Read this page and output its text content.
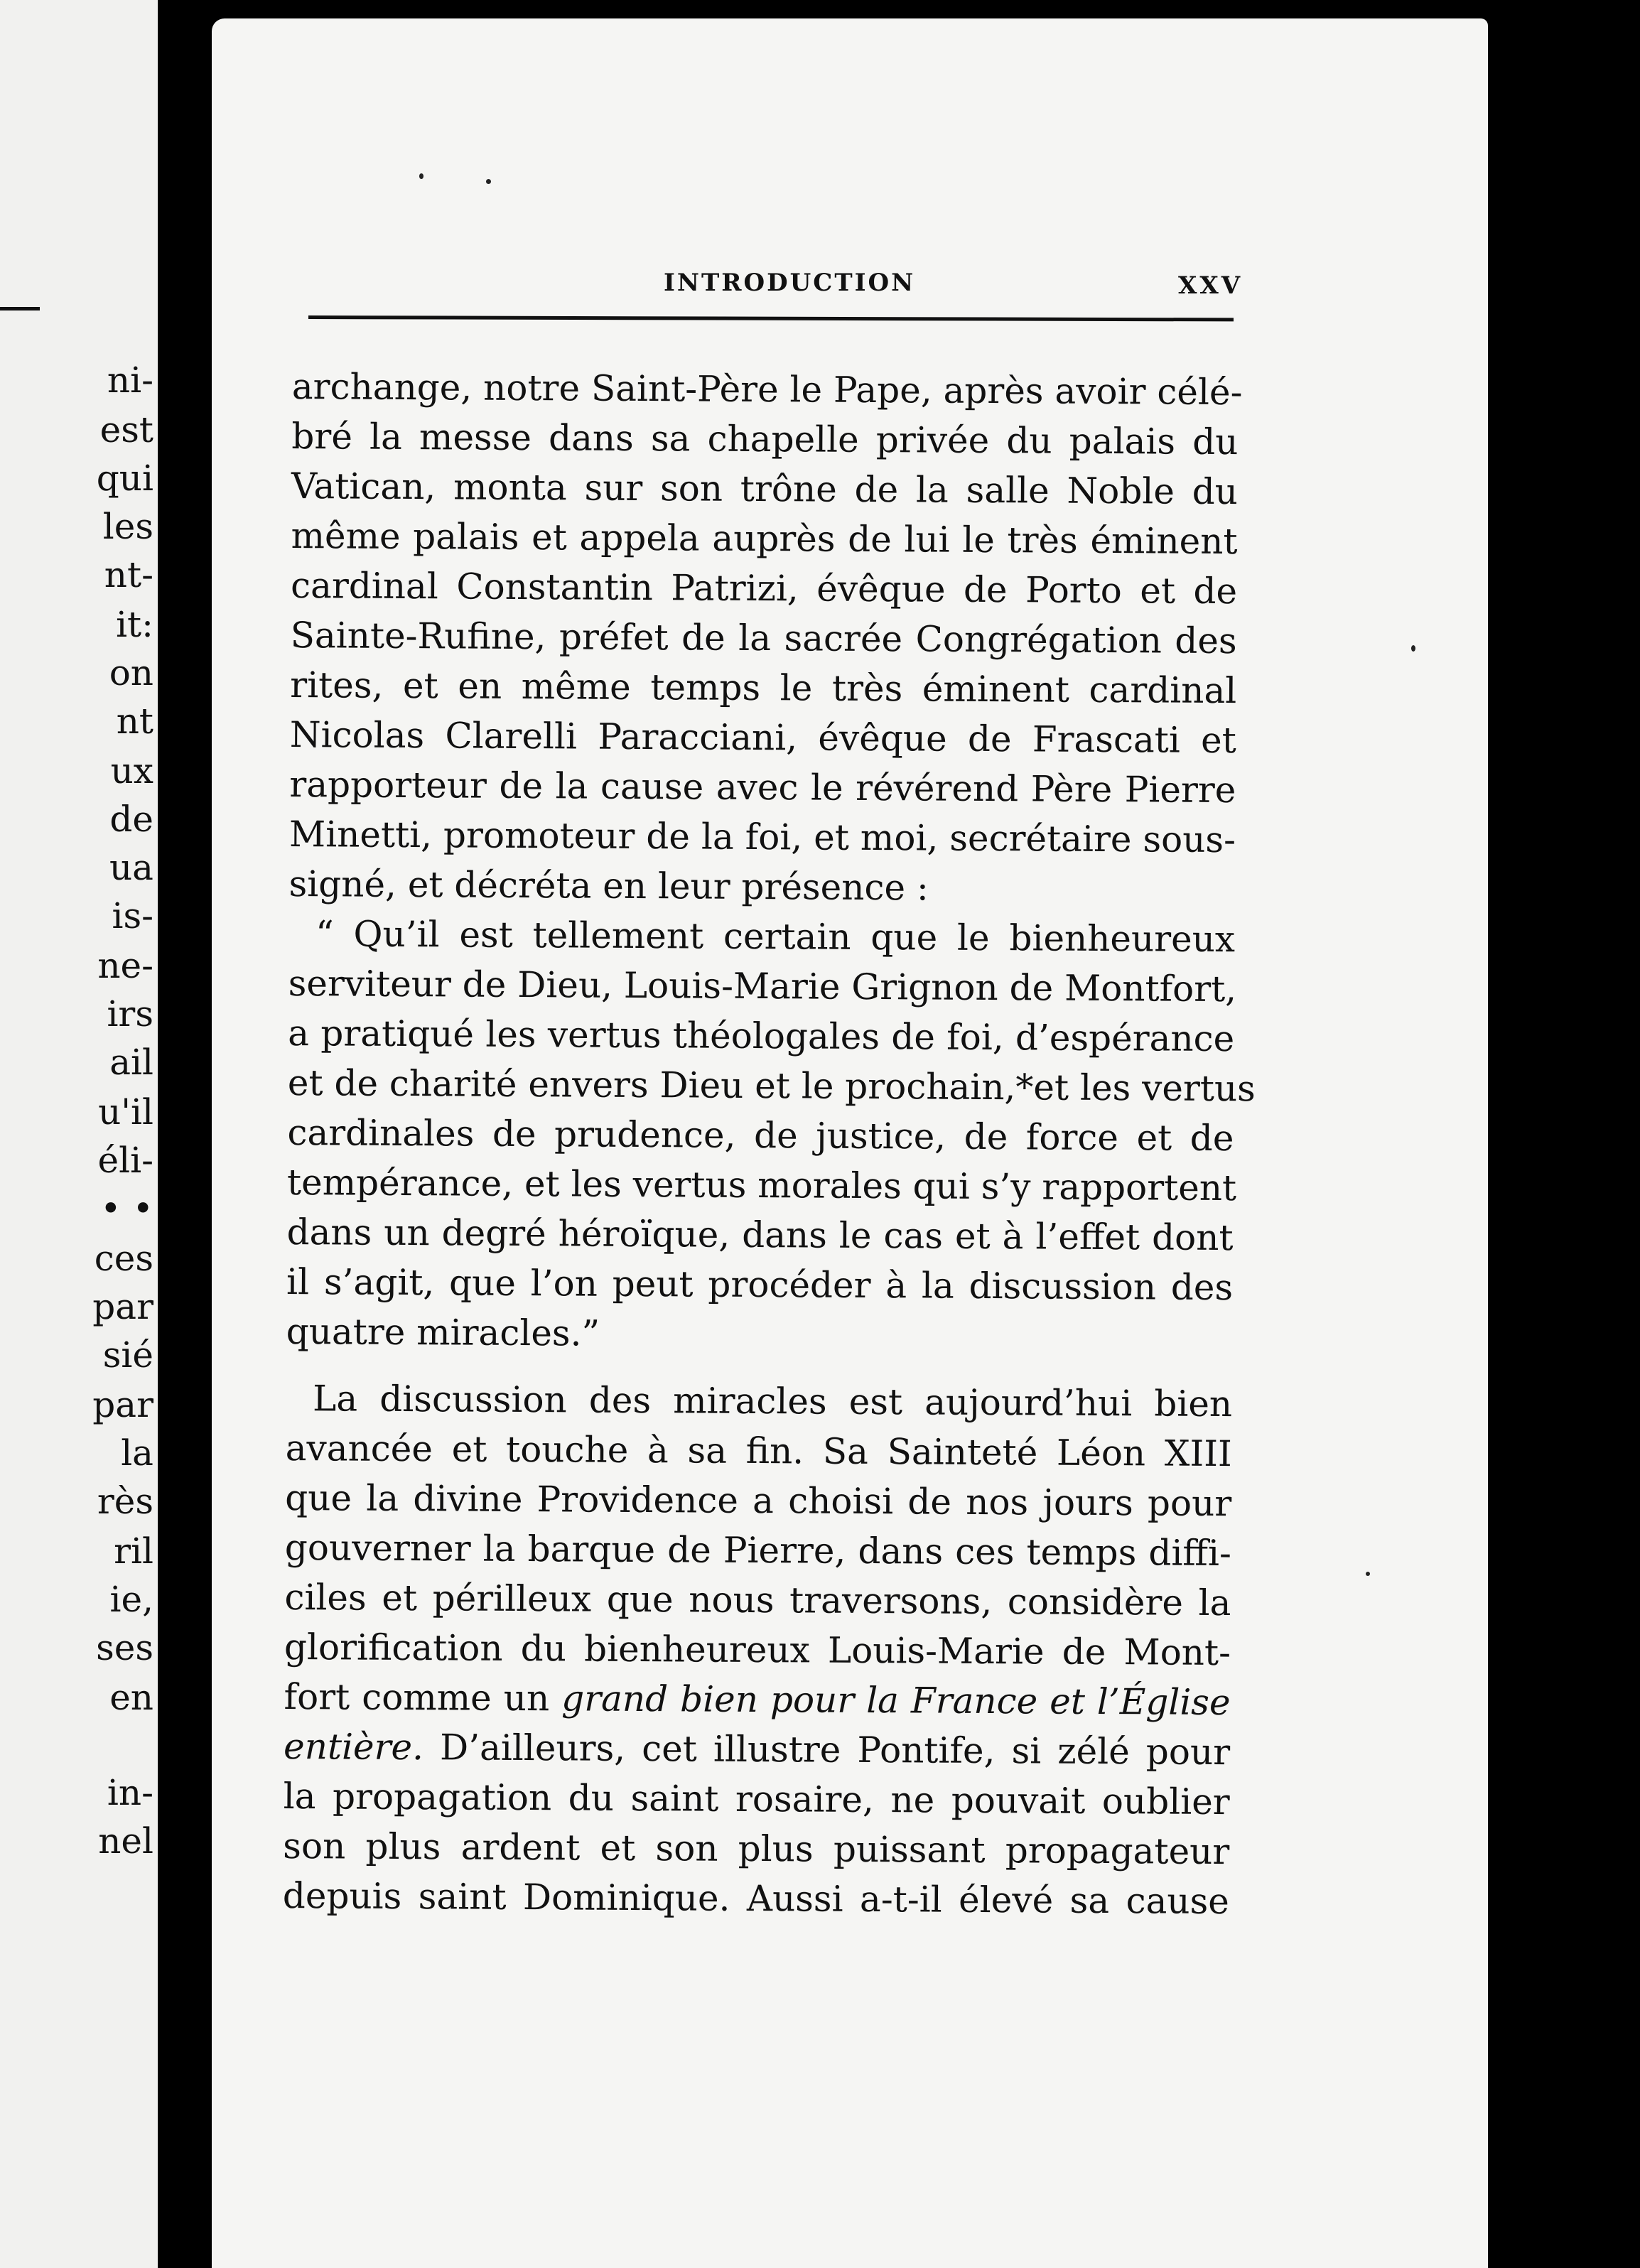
ni-

est

qui

les

nt-

it:

on

nt

ux

de

ua

is-

ne-

irs

ail

u'il

éli-

• •

ces

par

sié

par

la

rès

ril

ie,

ses

en

in-

nel

INTRODUCTION	XXV

archange, notre Saint-Père le Pape, après avoir célé-

bré la messe dans sa chapelle privée du palais du

Vatican, monta sur son trône de la salle Noble du

même palais et appela auprès de lui le très éminent

cardinal Constantin Patrizi, évêque de Porto et de

Sainte-Rufine, préfet de la sacrée Congrégation des

rites, et en même temps le très éminent cardinal

Nicolas Clarelli Paracciani, évêque de Frascati et

rapporteur de la cause avec le révérend Père Pierre

Minetti, promoteur de la foi, et moi, secrétaire sous-

signé, et décréta en leur présence :

“ Qu’il est tellement certain que le bienheureux

serviteur de Dieu, Louis-Marie Grignon de Montfort,

a pratiqué les vertus théologales de foi, d’espérance

et de charité envers Dieu et le prochain,*et les vertus

cardinales de prudence, de justice, de force et de

tempérance, et les vertus morales qui s’y rapportent

dans un degré héroïque, dans le cas et à l’effet dont

il s’agit, que l’on peut procéder à la discussion des

quatre miracles.”

La discussion des miracles est aujourd’hui bien

avancée et touche à sa fin. Sa Sainteté Léon XIII

que la divine Providence a choisi de nos jours pour

gouverner la barque de Pierre, dans ces temps diffi-

ciles et périlleux que nous traversons, considère la

glorification du bienheureux Louis-Marie de Mont-

fort comme un grand bien pour la France et l’Église

entière. D’ailleurs, cet illustre Pontife, si zélé pour

la propagation du saint rosaire, ne pouvait oublier

son plus ardent et son plus puissant propagateur

depuis saint Dominique. Aussi a-t-il élevé sa cause
